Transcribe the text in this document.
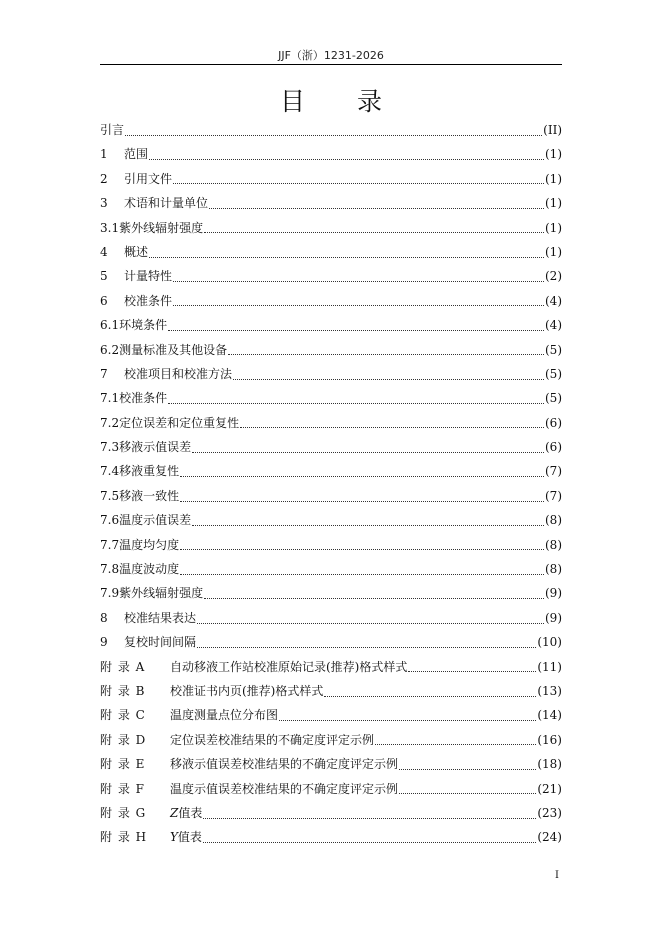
JJF（浙）1231-2026
目 录
引言	(II)
1	范围	(1)
2	引用文件	(1)
3	术语和计量单位	(1)
3.1 紫外线辐射强度	(1)
4	概述	(1)
5	计量特性	(2)
6	校准条件	(4)
6.1 环境条件	(4)
6.2 测量标准及其他设备	(5)
7	校准项目和校准方法	(5)
7.1 校准条件	(5)
7.2 定位误差和定位重复性	(6)
7.3 移液示值误差	(6)
7.4 移液重复性	(7)
7.5 移液一致性	(7)
7.6 温度示值误差	(8)
7.7 温度均匀度	(8)
7.8 温度波动度	(8)
7.9 紫外线辐射强度	(9)
8	校准结果表达	(9)
9	复校时间间隔	(10)
附 录 A	自动移液工作站校准原始记录(推荐)格式样式	(11)
附 录 B	校准证书内页(推荐)格式样式	(13)
附 录 C	温度测量点位分布图	(14)
附 录 D	定位误差校准结果的不确定度评定示例	(16)
附 录 E	移液示值误差校准结果的不确定度评定示例	(18)
附 录 F	温度示值误差校准结果的不确定度评定示例	(21)
附 录 G	Z值表	(23)
附 录 H	Y值表	(24)
I
